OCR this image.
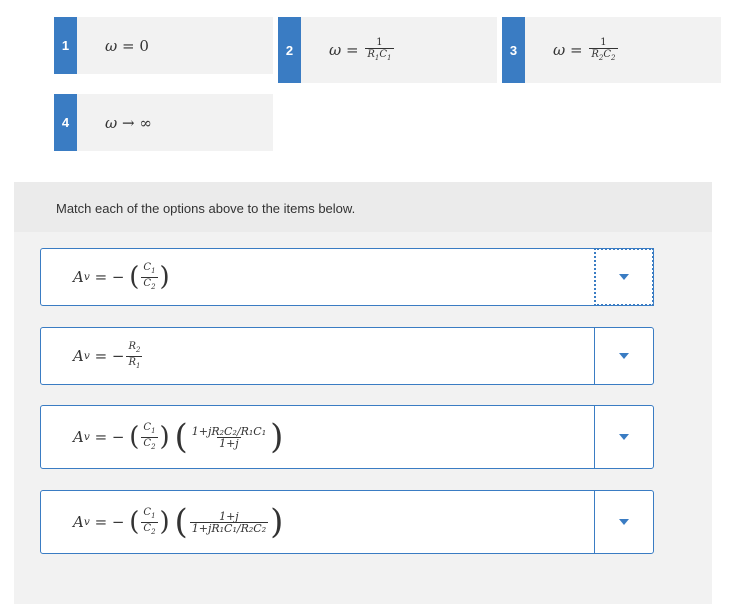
1	ω
=
0	2	ω
=
$\frac{1}{R_1C_1}$	3	ω
=
$\frac{1}{R_2C_2}$
4	ω
→
∞
Match each of the options above to the items below.
A v
= −
( $\frac{C_1}{C_2}$ )
A v
= − $\frac{R_2}{R_1}$
A v
= −
( $\frac{C_1}{C_2}$ )
( $\frac{\text{1+jR₂C₂/R₁C₁}}{1+j}$ )
A v
= −
( $\frac{C_1}{C_2}$ )
( $\frac{1+j}{\text{1+jR₁C₁/R₂C₂}}$ )
